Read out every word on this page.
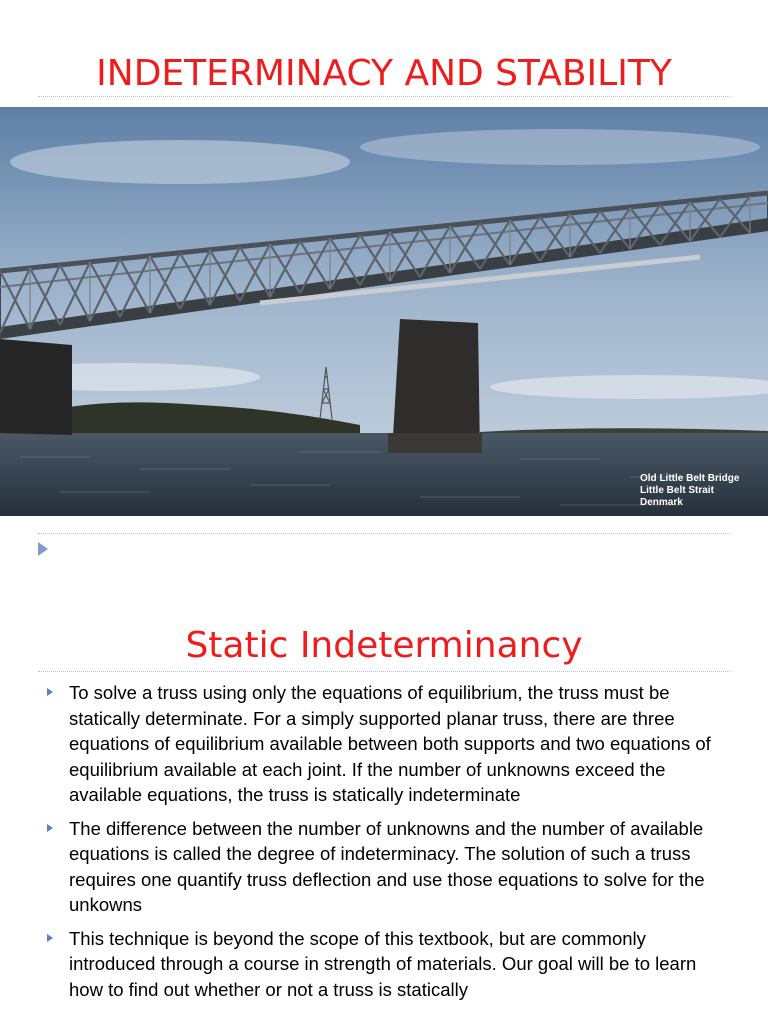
INDETERMINACY AND STABILITY
Old Little Belt Bridge
Little Belt Strait
Denmark
Static Indeterminancy
To solve a truss using only the equations of equilibrium, the truss must be statically determinate. For a simply supported planar truss, there are three equations of equilibrium available between both supports and two equations of equilibrium available at each joint. If the number of unknowns exceed the available equations, the truss is statically indeterminate
The difference between the number of unknowns and the number of available equations is called the degree of indeterminacy. The solution of such a truss requires one quantify truss deflection and use those equations to solve for the unkowns
This technique is beyond the scope of this textbook, but are commonly introduced through a course in strength of materials. Our goal will be to learn how to find out whether or not a truss is statically
